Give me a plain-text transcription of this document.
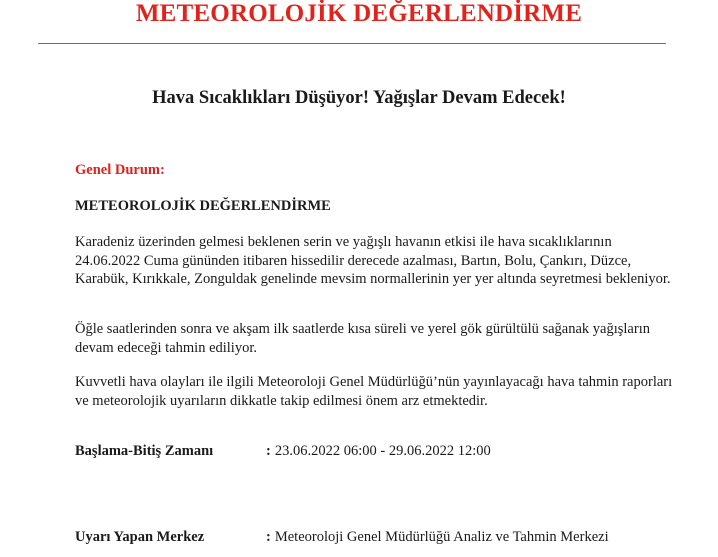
METEOROLOJİK DEĞERLENDİRME
Hava Sıcaklıkları Düşüyor! Yağışlar Devam Edecek!

Genel Durum:

METEOROLOJİK DEĞERLENDİRME

Karadeniz üzerinden gelmesi beklenen serin ve yağışlı havanın etkisi ile hava sıcaklıklarının 24.06.2022 Cuma gününden itibaren hissedilir derecede azalması, Bartın, Bolu, Çankırı, Düzce, Karabük, Kırıkkale, Zonguldak genelinde mevsim normallerinin yer yer altında seyretmesi bekleniyor.

Öğle saatlerinden sonra ve akşam ilk saatlerde kısa süreli ve yerel gök gürültülü sağanak yağışların devam edeceği tahmin ediliyor.

Kuvvetli hava olayları ile ilgili Meteoroloji Genel Müdürlüğü’nün yayınlayacağı hava tahmin raporları ve meteorolojik uyarıların dikkatle takip edilmesi önem arz etmektedir.

Başlama-Bitiş Zamanı	: 23.06.2022 06:00 - 29.06.2022 12:00

Uyarı Yapan Merkez	: Meteoroloji Genel Müdürlüğü Analiz ve Tahmin Merkezi
